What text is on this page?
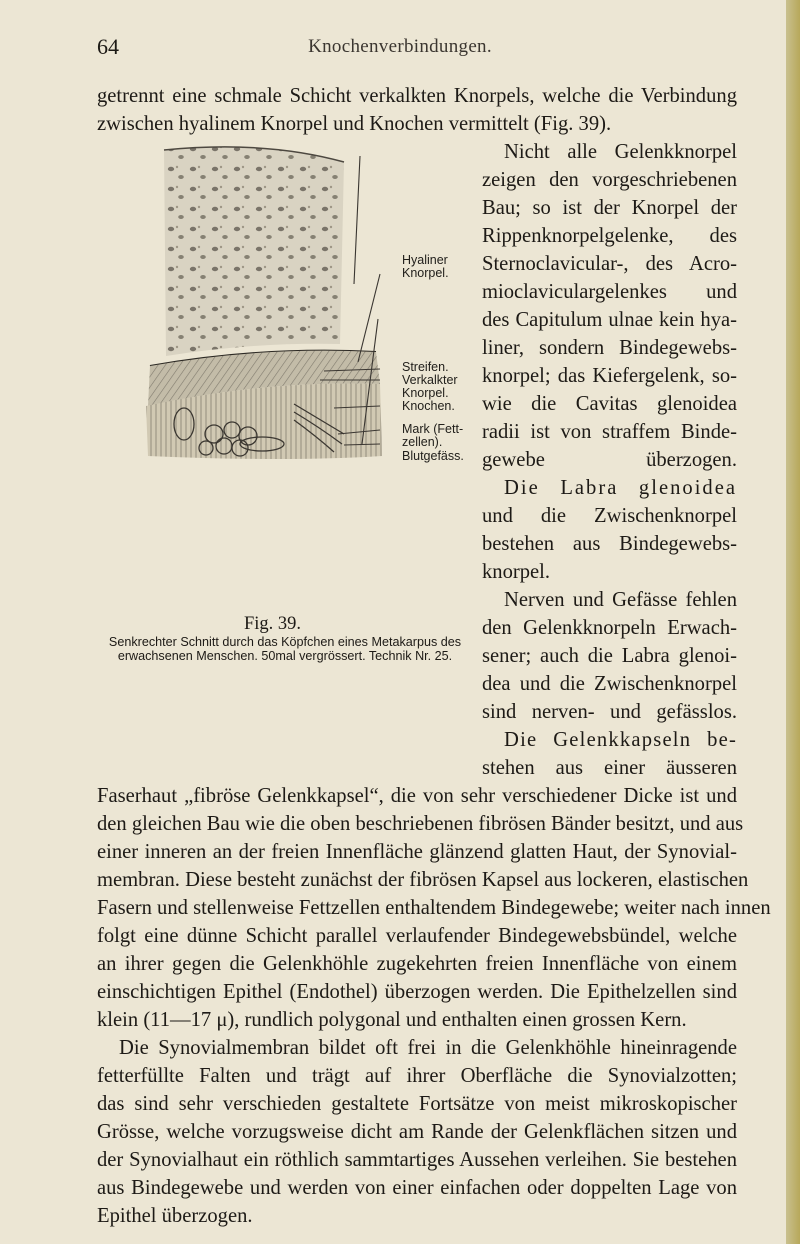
64	Knochenverbindungen.
getrennt eine schmale Schicht verkalkten Knorpels, welche die Verbindung
zwischen hyalinem Knorpel und Knochen vermittelt (Fig. 39).
Nicht alle Gelenkknorpel
zeigen den vorgeschriebenen
Bau; so ist der Knorpel der
Rippenknorpelgelenke, des
Sternoclavicular-, des Acro-
mioclaviculargelenkes und
des Capitulum ulnae kein hya-
liner, sondern Bindegewebs-
knorpel; das Kiefergelenk, so-
wie die Cavitas glenoidea
radii ist von straffem Binde-
gewebe überzogen.
Die Labra glenoidea
und die Zwischenknorpel
bestehen aus Bindegewebs-
knorpel.
Nerven und Gefässe fehlen
den Gelenkknorpeln Erwach-
sener; auch die Labra glenoi-
dea und die Zwischenknorpel
sind nerven- und gefässlos.
Die Gelenkkapseln be-
Hyaliner Knorpel.
Streifen.
Verkalkter Knorpel.
Knochen.
Mark (Fett-zellen).
Blutgefäss.
Fig. 39.
Senkrechter Schnitt durch das Köpfchen eines Metakarpus des erwachsenen Menschen. 50mal vergrössert. Technik Nr. 25.
stehen aus einer äusseren
Faserhaut „fibröse Gelenkkapsel“, die von sehr verschiedener Dicke ist und
den gleichen Bau wie die oben beschriebenen fibrösen Bänder besitzt, und aus
einer inneren an der freien Innenfläche glänzend glatten Haut, der Synovial-
membran. Diese besteht zunächst der fibrösen Kapsel aus lockeren, elastischen
Fasern und stellenweise Fettzellen enthaltendem Bindegewebe; weiter nach innen
folgt eine dünne Schicht parallel verlaufender Bindegewebsbündel, welche
an ihrer gegen die Gelenkhöhle zugekehrten freien Innenfläche von einem
einschichtigen Epithel (Endothel) überzogen werden. Die Epithelzellen sind
klein (11—17 μ), rundlich polygonal und enthalten einen grossen Kern.
Die Synovialmembran bildet oft frei in die Gelenkhöhle hineinragende
fetterfüllte Falten und trägt auf ihrer Oberfläche die Synovialzotten;
das sind sehr verschieden gestaltete Fortsätze von meist mikroskopischer
Grösse, welche vorzugsweise dicht am Rande der Gelenkflächen sitzen und
der Synovialhaut ein röthlich sammtartiges Aussehen verleihen. Sie bestehen
aus Bindegewebe und werden von einer einfachen oder doppelten Lage von
Epithel überzogen.
